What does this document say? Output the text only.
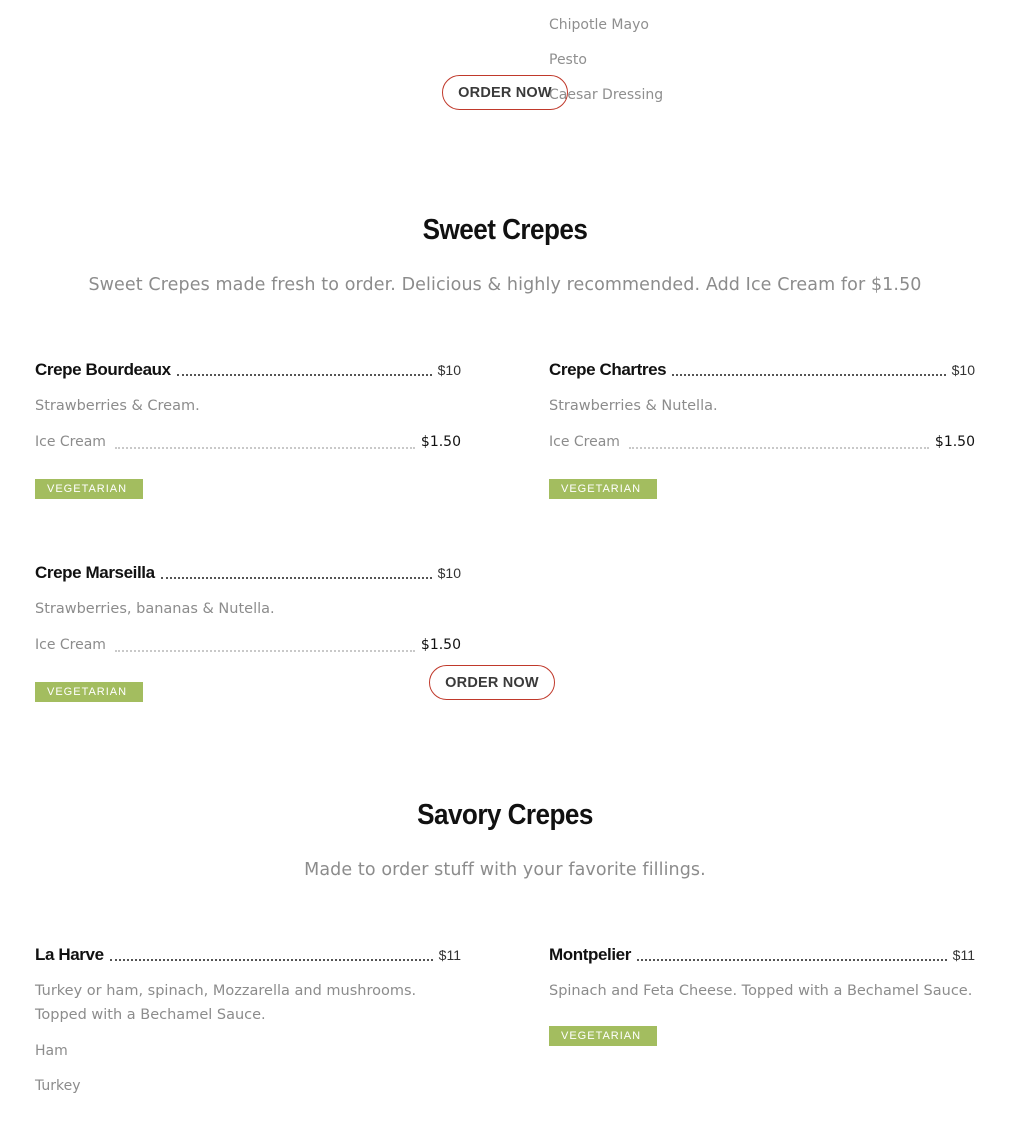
Chipotle Mayo
Pesto
Caesar Dressing
ORDER NOW
Sweet Crepes
Sweet Crepes made fresh to order. Delicious & highly recommended. Add Ice Cream for $1.50
Crepe Bourdeaux	$10
Strawberries & Cream.
Ice Cream	$1.50
VEGETARIAN
Crepe Chartres	$10
Strawberries & Nutella.
Ice Cream	$1.50
VEGETARIAN
Crepe Marseilla	$10
Strawberries, bananas & Nutella.
Ice Cream	$1.50
VEGETARIAN
ORDER NOW
Savory Crepes
Made to order stuff with your favorite fillings.
La Harve	$11
Turkey or ham, spinach, Mozzarella and mushrooms. Topped with a Bechamel Sauce.
Ham
Turkey
Montpelier	$11
Spinach and Feta Cheese. Topped with a Bechamel Sauce.
VEGETARIAN
